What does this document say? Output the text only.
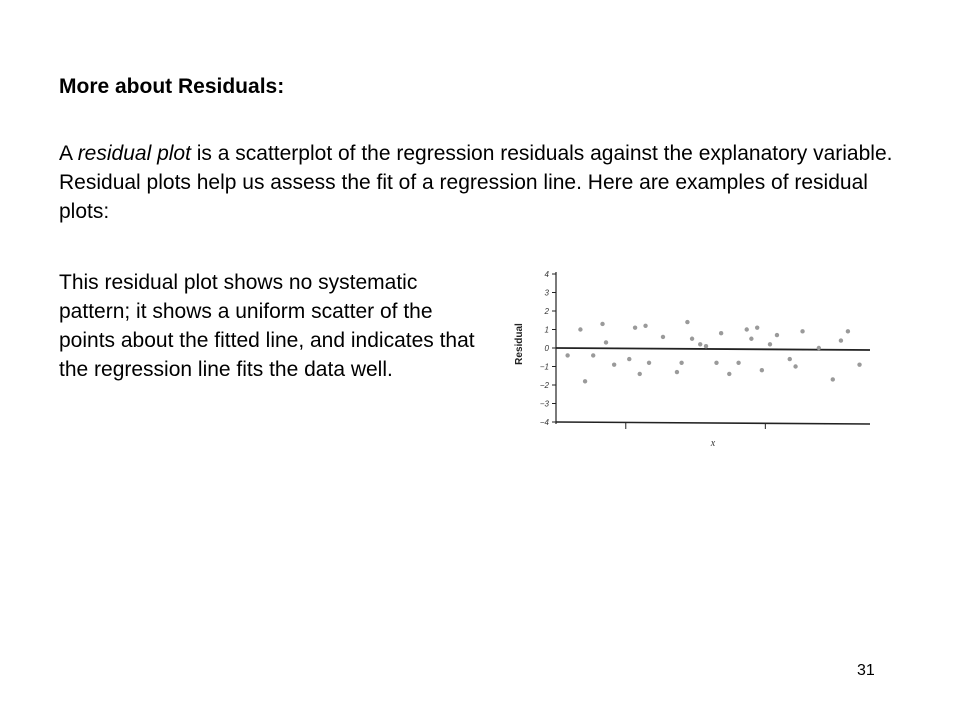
More about Residuals:

A residual plot is a scatterplot of the regression residuals against the explanatory variable. Residual plots help us assess the fit of a regression line. Here are examples of residual plots:

This residual plot shows no systematic pattern; it shows a uniform scatter of the points about the fitted line, and indicates that the regression line fits the data well.

4
3
2
1
0
−1
−2
−3
−4
Residual
x

31
